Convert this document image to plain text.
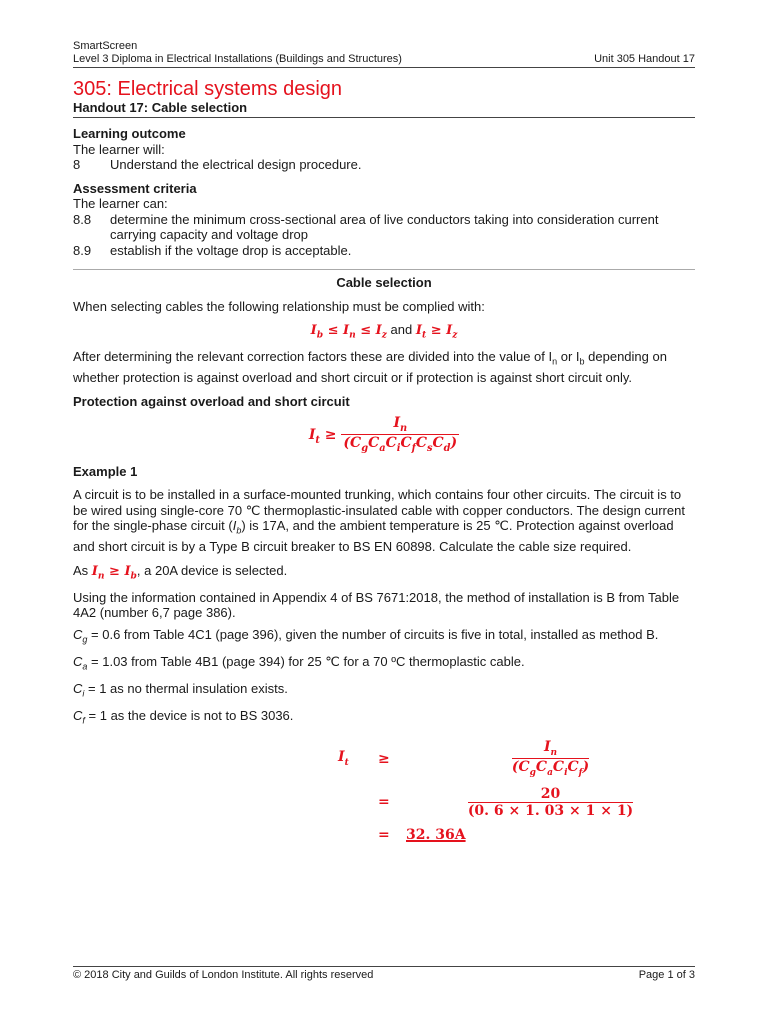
SmartScreen
Level 3 Diploma in Electrical Installations (Buildings and Structures)	Unit 305 Handout 17
305: Electrical systems design
Handout 17: Cable selection
Learning outcome
The learner will:
8	Understand the electrical design procedure.
Assessment criteria
The learner can:
8.8	determine the minimum cross-sectional area of live conductors taking into consideration current carrying capacity and voltage drop
8.9	establish if the voltage drop is acceptable.
Cable selection
When selecting cables the following relationship must be complied with:
$I_b \le I_n \le I_z$ and $I_t \ge I_z$
After determining the relevant correction factors these are divided into the value of $I_n$ or $I_b$ depending on whether protection is against overload and short circuit or if protection is against short circuit only.
Protection against overload and short circuit
$I_t \ge \frac{I_n}{(C_gC_aC_iC_fC_sC_d)}$
Example 1
A circuit is to be installed in a surface-mounted trunking, which contains four other circuits. The circuit is to be wired using single-core 70 ℃ thermoplastic-insulated cable with copper conductors. The design current for the single-phase circuit $(I_b)$ is 17A, and the ambient temperature is 25 ℃. Protection against overload and short circuit is by a Type B circuit breaker to BS EN 60898. Calculate the cable size required.
As $I_n \ge I_b$, a 20A device is selected.
Using the information contained in Appendix 4 of BS 7671:2018, the method of installation is B from Table 4A2 (number 6,7 page 386).
$C_g = 0.6$ from Table 4C1 (page 396), given the number of circuits is five in total, installed as method B.
$C_a = 1.03$ from Table 4B1 (page 394) for 25 ℃ for a 70 ºC thermoplastic cable.
$C_i = 1$ as no thermal insulation exists.
$C_f = 1$ as the device is not to BS 3036.
$I_t$	≥
$I_n$
$(C_gC_aC_iC_f)$
=	$\frac{20}{(0. 6 \times 1. 03 \times 1 \times 1)}$
=	32. 36A
© 2018 City and Guilds of London Institute. All rights reserved	Page 1 of 3
